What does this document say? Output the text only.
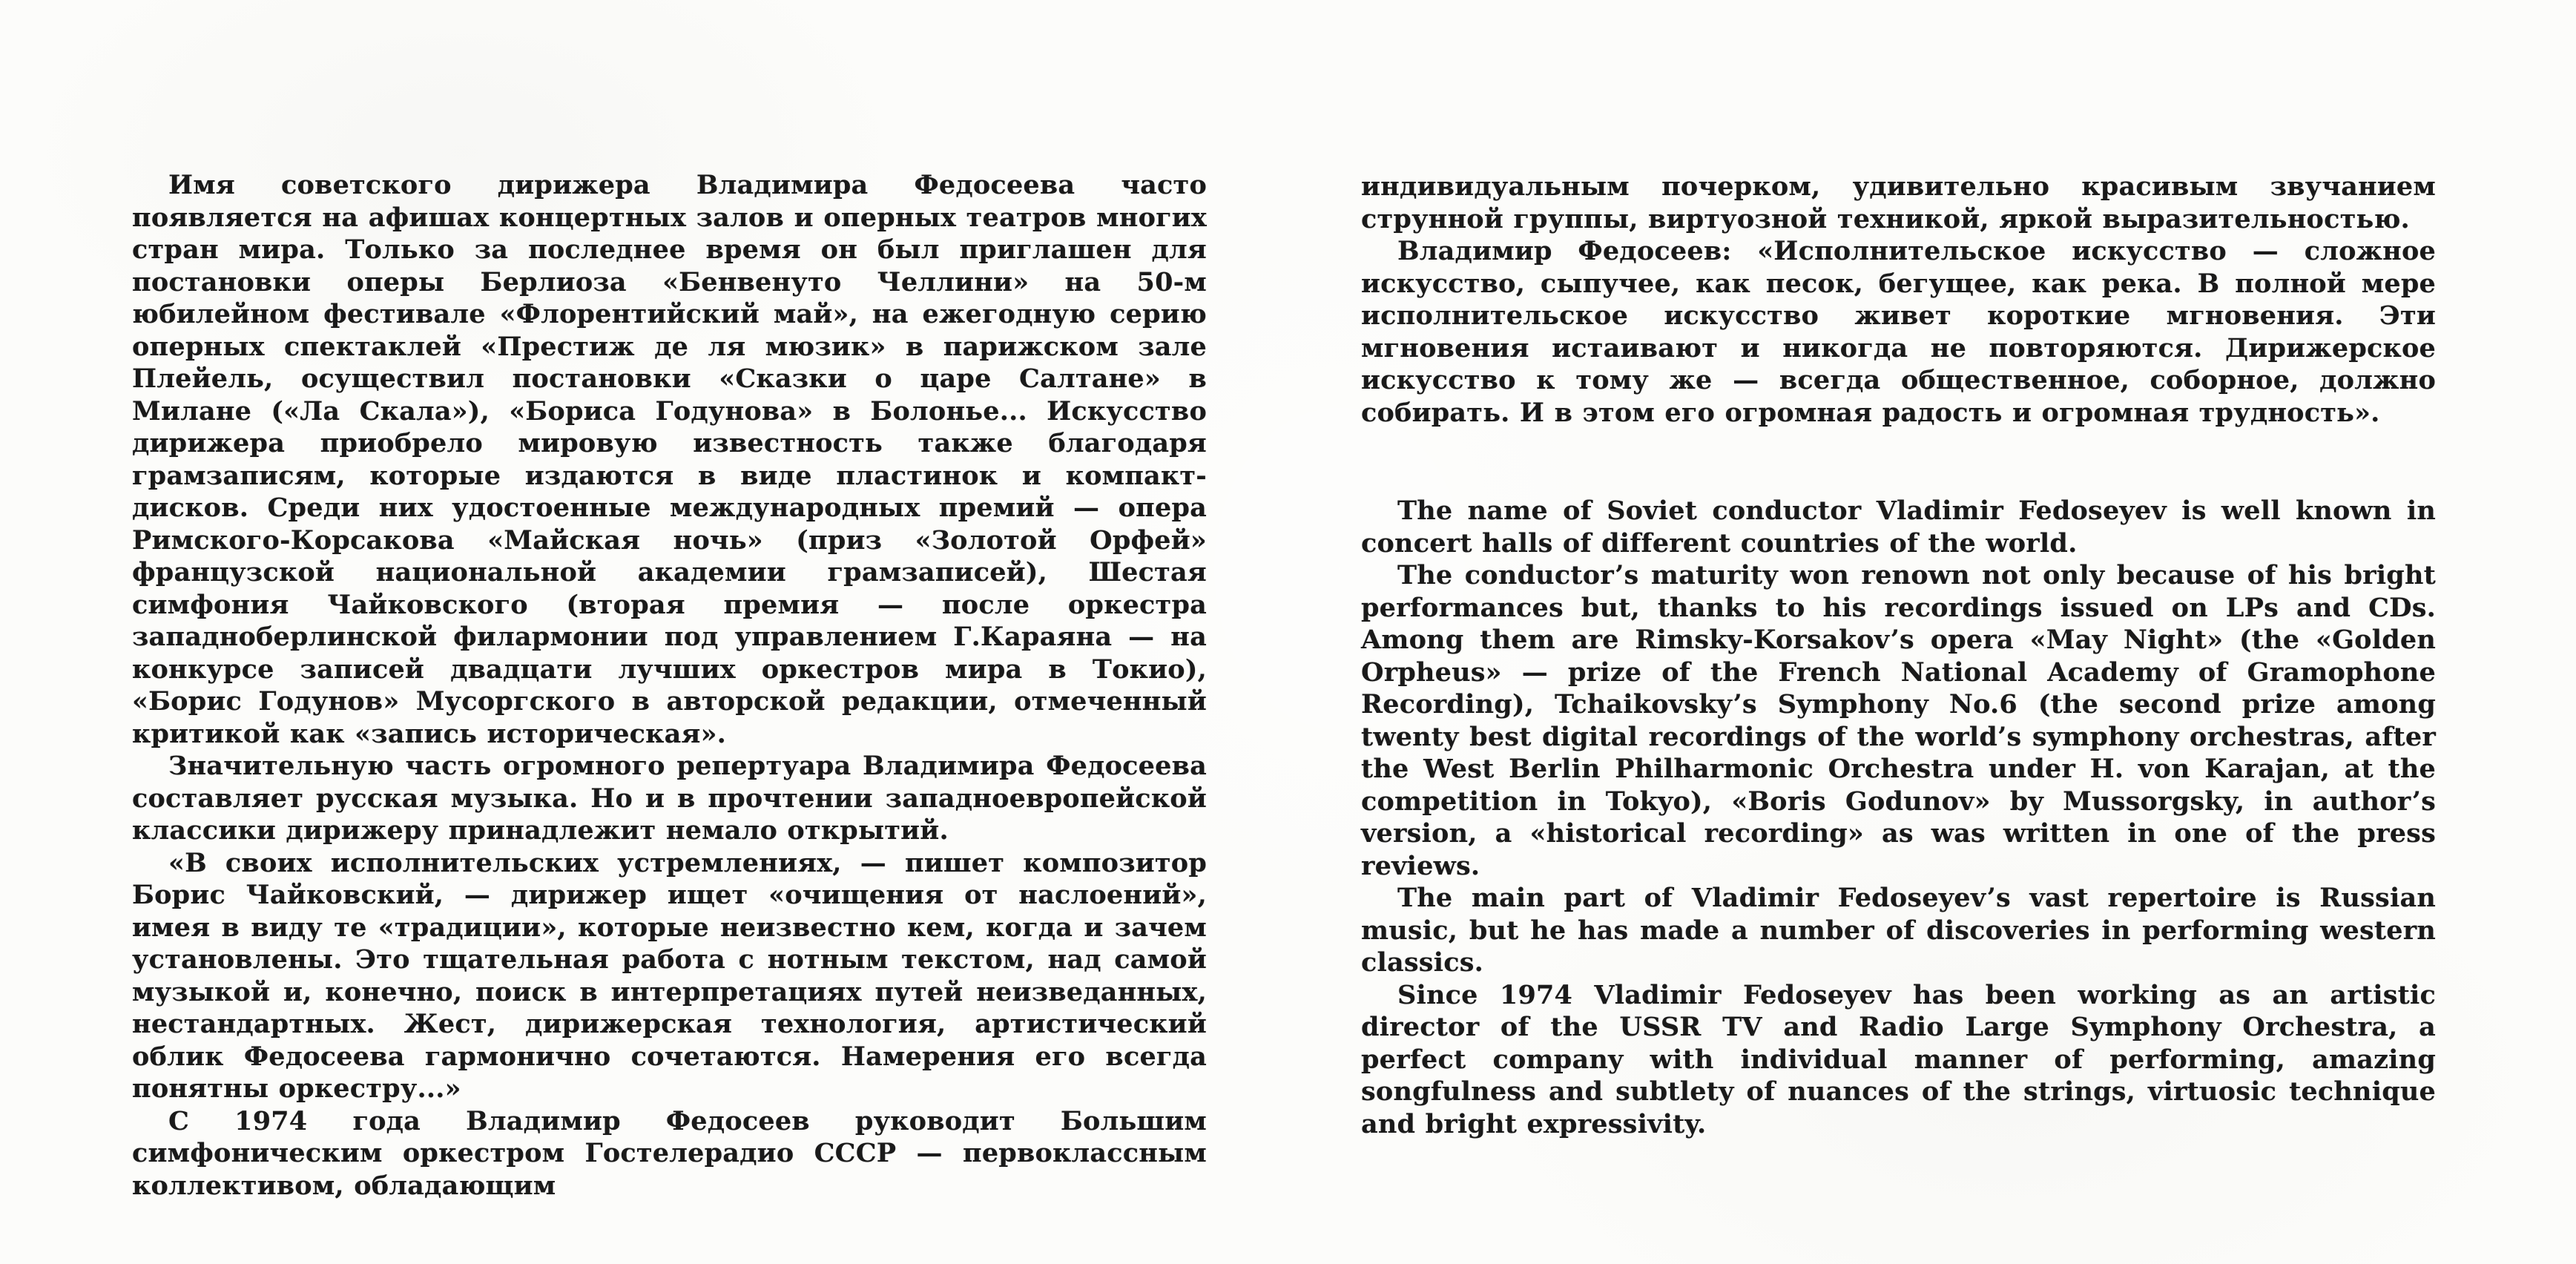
Имя советского дирижера Владимира Федосеева часто появляется на афишах концертных залов и оперных театров многих стран мира. Только за последнее время он был приглашен для постановки оперы Берлиоза «Бенвенуто Челлини» на 50-м юбилейном фестивале «Флорентийский май», на ежегодную серию оперных спектаклей «Престиж де ля мюзик» в парижском зале Плейель, осуществил постановки «Сказки о царе Салтане» в Милане («Ла Скала»), «Бориса Годунова» в Болонье... Искусство дирижера приобрело мировую известность также благодаря грамзаписям, которые издаются в виде пластинок и компакт-дисков. Среди них удостоенные международных премий — опера Римского-Корсакова «Майская ночь» (приз «Золотой Орфей» французской национальной академии грамзаписей), Шестая симфония Чайковского (вторая премия — после оркестра западноберлинской филармонии под управлением Г.Караяна — на конкурсе записей двадцати лучших оркестров мира в Токио), «Борис Годунов» Мусоргского в авторской редакции, отмеченный критикой как «запись историческая».

Значительную часть огромного репертуара Владимира Федосеева составляет русская музыка. Но и в прочтении западноевропейской классики дирижеру принадлежит немало открытий.

«В своих исполнительских устремлениях, — пишет композитор Борис Чайковский, — дирижер ищет «очищения от наслоений», имея в виду те «традиции», которые неизвестно кем, когда и зачем установлены. Это тщательная работа с нотным текстом, над самой музыкой и, конечно, поиск в интерпретациях путей неизведанных, нестандартных. Жест, дирижерская технология, артистический облик Федосеева гармонично сочетаются. Намерения его всегда понятны оркестру...»

С 1974 года Владимир Федосеев руководит Большим симфоническим оркестром Гостелерадио СССР — первоклассным коллективом, обладающим

индивидуальным почерком, удивительно красивым звучанием струнной группы, виртуозной техникой, яркой выразительностью.

Владимир Федосеев: «Исполнительское искусство — сложное искусство, сыпучее, как песок, бегущее, как река. В полной мере исполнительское искусство живет короткие мгновения. Эти мгновения истаивают и никогда не повторяются. Дирижерское искусство к тому же — всегда общественное, соборное, должно собирать. И в этом его огромная радость и огромная трудность».

The name of Soviet conductor Vladimir Fedoseyev is well known in concert halls of different countries of the world.

The conductor’s maturity won renown not only because of his bright performances but, thanks to his recordings issued on LPs and CDs. Among them are Rimsky-Korsakov’s opera «May Night» (the «Golden Orpheus» — prize of the French National Academy of Gramophone Recording), Tchaikovsky’s Symphony No.6 (the second prize among twenty best digital recordings of the world’s symphony orchestras, after the West Berlin Philharmonic Orchestra under H. von Karajan, at the competition in Tokyo), «Boris Godunov» by Mussorgsky, in author’s version, a «historical recording» as was written in one of the press reviews.

The main part of Vladimir Fedoseyev’s vast repertoire is Russian music, but he has made a number of discoveries in performing western classics.

Since 1974 Vladimir Fedoseyev has been working as an artistic director of the USSR TV and Radio Large Symphony Orchestra, a perfect company with individual manner of performing, amazing songfulness and subtlety of nuances of the strings, virtuosic technique and bright expressivity.
